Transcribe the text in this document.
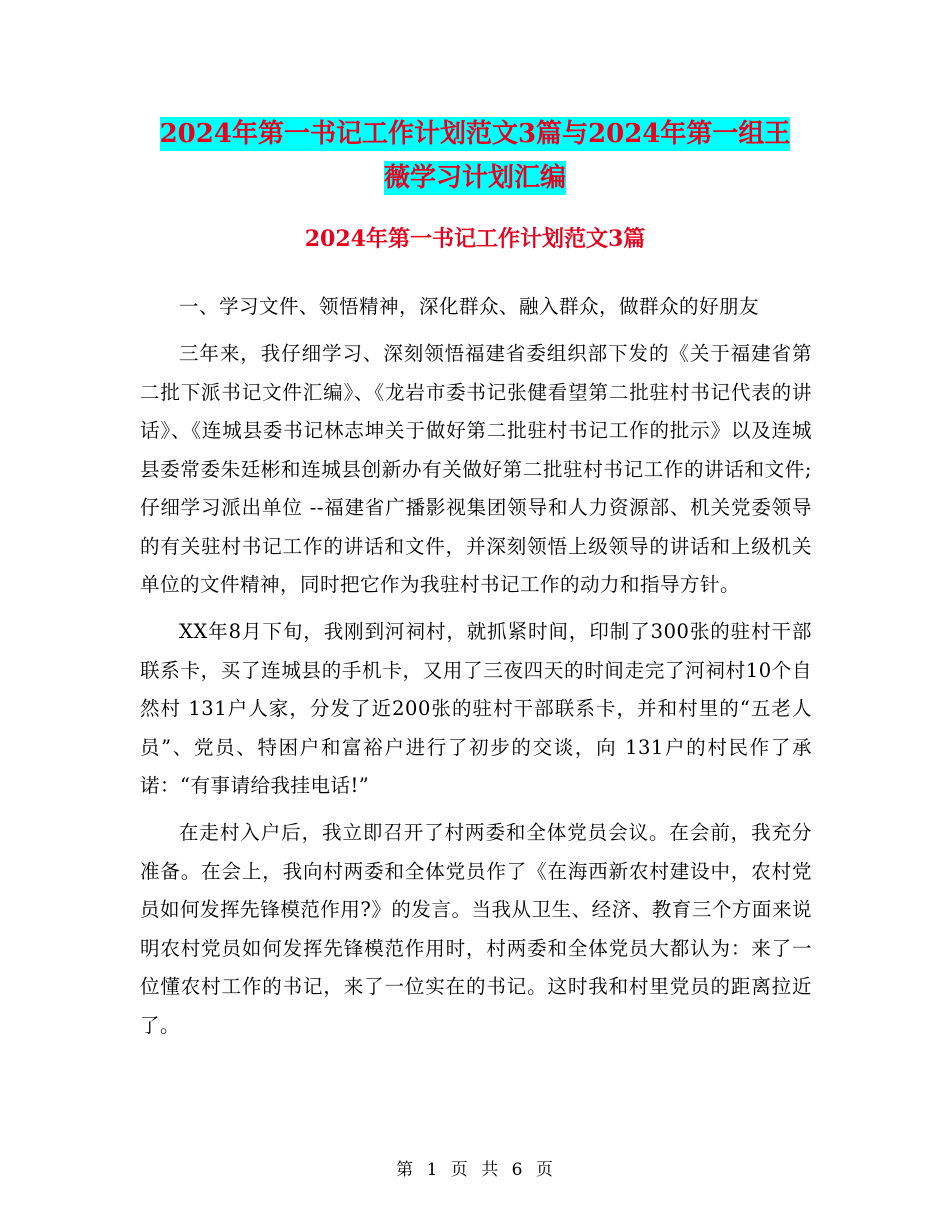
2024年第一书记工作计划范文3篇与2024年第一组王
薇学习计划汇编
2024年第一书记工作计划范文3篇

一、学习文件、领悟精神，深化群众、融入群众，做群众的好朋友

三年来，我仔细学习、深刻领悟福建省委组织部下发的《关于福建省第二批下派书记文件汇编》、《龙岩市委书记张健看望第二批驻村书记代表的讲话》、《连城县委书记林志坤关于做好第二批驻村书记工作的批示》以及连城县委常委朱廷彬和连城县创新办有关做好第二批驻村书记工作的讲话和文件;仔细学习派出单位 --福建省广播影视集团领导和人力资源部、机关党委领导的有关驻村书记工作的讲话和文件，并深刻领悟上级领导的讲话和上级机关单位的文件精神，同时把它作为我驻村书记工作的动力和指导方针。

XX年8月下旬，我刚到河祠村，就抓紧时间，印制了300张的驻村干部联系卡，买了连城县的手机卡，又用了三夜四天的时间走完了河祠村10个自然村 131户人家，分发了近200张的驻村干部联系卡，并和村里的“五老人员”、党员、特困户和富裕户进行了初步的交谈，向 131户的村民作了承诺：“有事请给我挂电话!”

在走村入户后，我立即召开了村两委和全体党员会议。在会前，我充分准备。在会上，我向村两委和全体党员作了《在海西新农村建设中，农村党员如何发挥先锋模范作用?》的发言。当我从卫生、经济、教育三个方面来说明农村党员如何发挥先锋模范作用时，村两委和全体党员大都认为：来了一位懂农村工作的书记，来了一位实在的书记。这时我和村里党员的距离拉近了。

第 1 页 共 6 页
